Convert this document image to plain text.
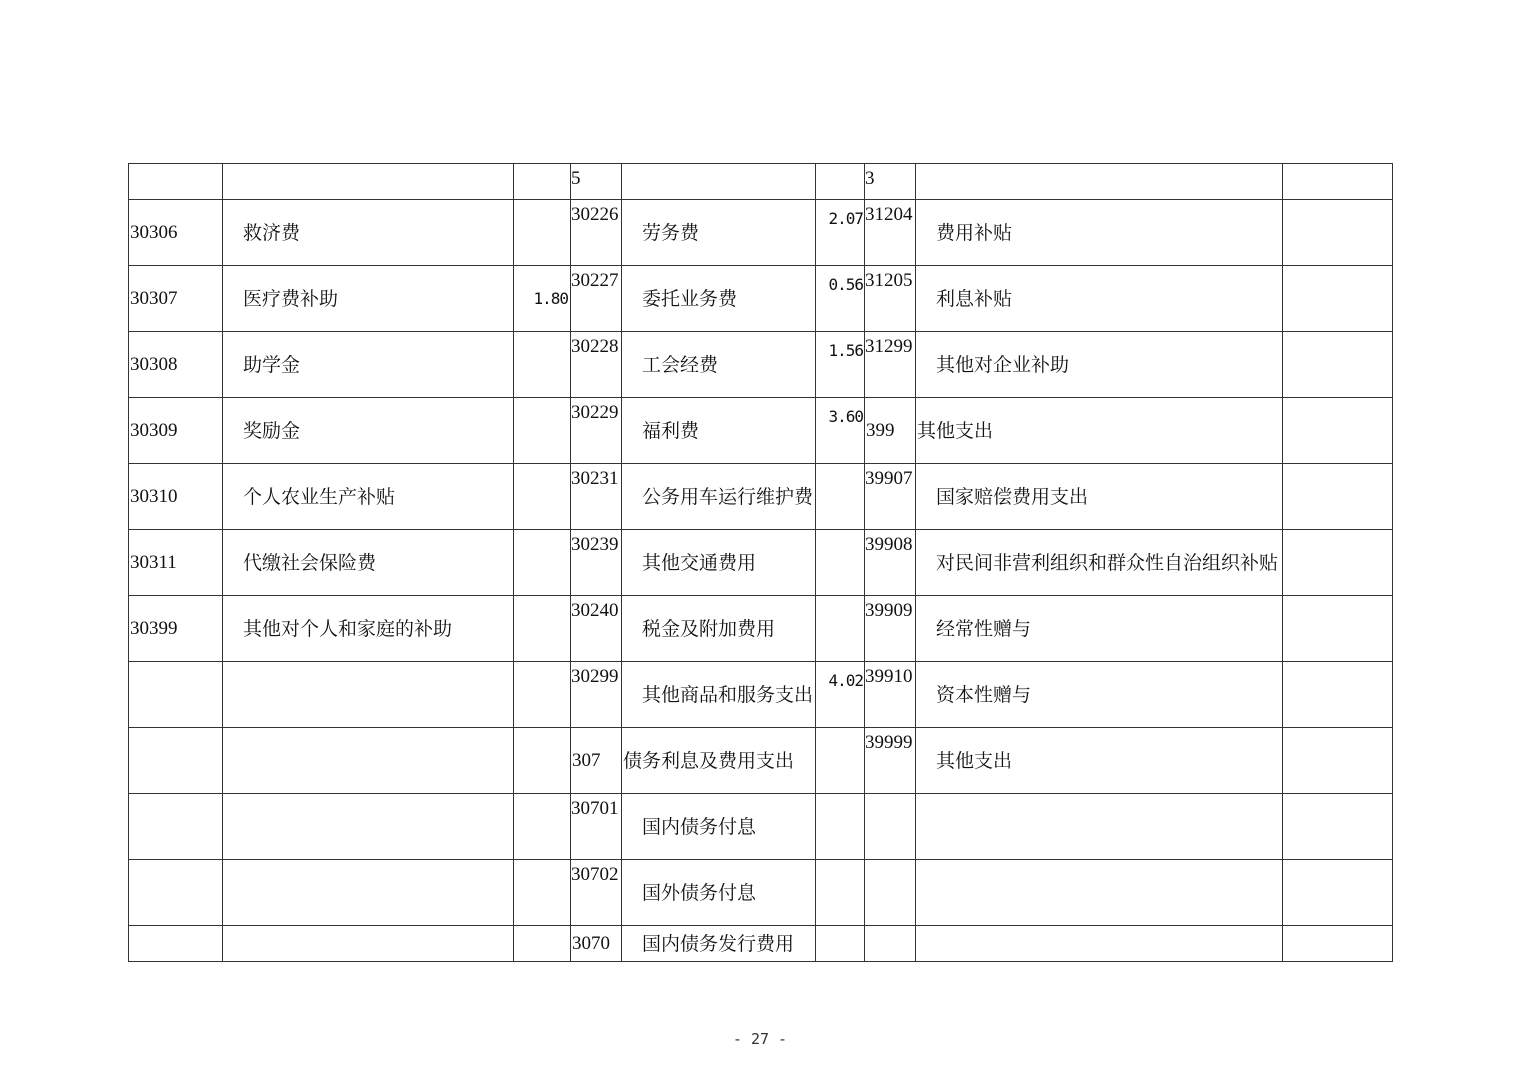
			5			3		
30306	救济费		30226	劳务费	2.07	31204	费用补贴	
30307	医疗费补助	1.80	30227	委托业务费	0.56	31205	利息补贴	
30308	助学金		30228	工会经费	1.56	31299	其他对企业补助	
30309	奖励金		30229	福利费	3.60	399	其他支出	
30310	个人农业生产补贴		30231	公务用车运行维护费		39907	国家赔偿费用支出	
30311	代缴社会保险费		30239	其他交通费用		39908	对民间非营利组织和群众性自治组织补贴	

30399	其他对个人和家庭的补助		30240	税金及附加费用		39909	经常性赠与	
			30299	其他商品和服务支出	4.02	39910	资本性赠与	
			307	债务利息及费用支出		39999	其他支出	
			30701	国内债务付息				
			30702	国外债务付息				
			3070	国内债务发行费用				
- 27 -
